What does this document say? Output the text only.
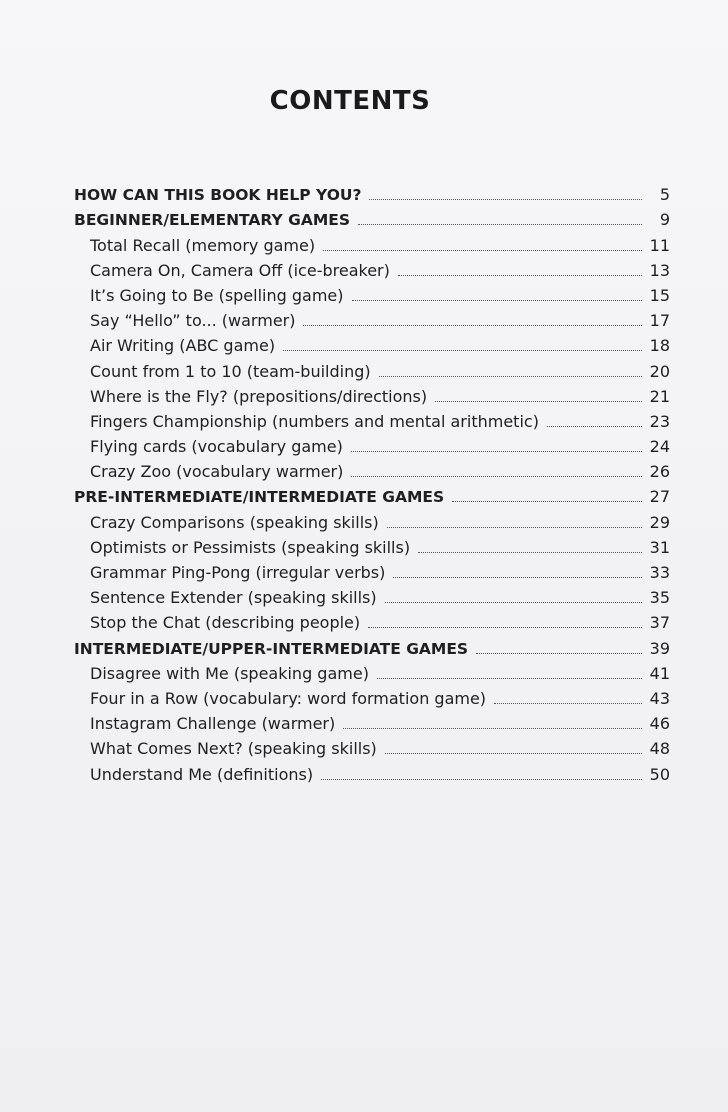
CONTENTS
HOW CAN THIS BOOK HELP YOU?	5
BEGINNER/ELEMENTARY GAMES	9
Total Recall (memory game)	11
Camera On, Camera Off (ice-breaker)	13
It’s Going to Be (spelling game)	15
Say “Hello” to... (warmer)	17
Air Writing (ABC game)	18
Count from 1 to 10 (team-building)	20
Where is the Fly? (prepositions/directions)	21
Fingers Championship (numbers and mental arithmetic)	23
Flying cards (vocabulary game)	24
Crazy Zoo (vocabulary warmer)	26
PRE-INTERMEDIATE/INTERMEDIATE GAMES	27
Crazy Comparisons (speaking skills)	29
Optimists or Pessimists (speaking skills)	31
Grammar Ping-Pong (irregular verbs)	33
Sentence Extender (speaking skills)	35
Stop the Chat (describing people)	37
INTERMEDIATE/UPPER-INTERMEDIATE GAMES	39
Disagree with Me (speaking game)	41
Four in a Row (vocabulary: word formation game)	43
Instagram Challenge (warmer)	46
What Comes Next? (speaking skills)	48
Understand Me (definitions)	50
